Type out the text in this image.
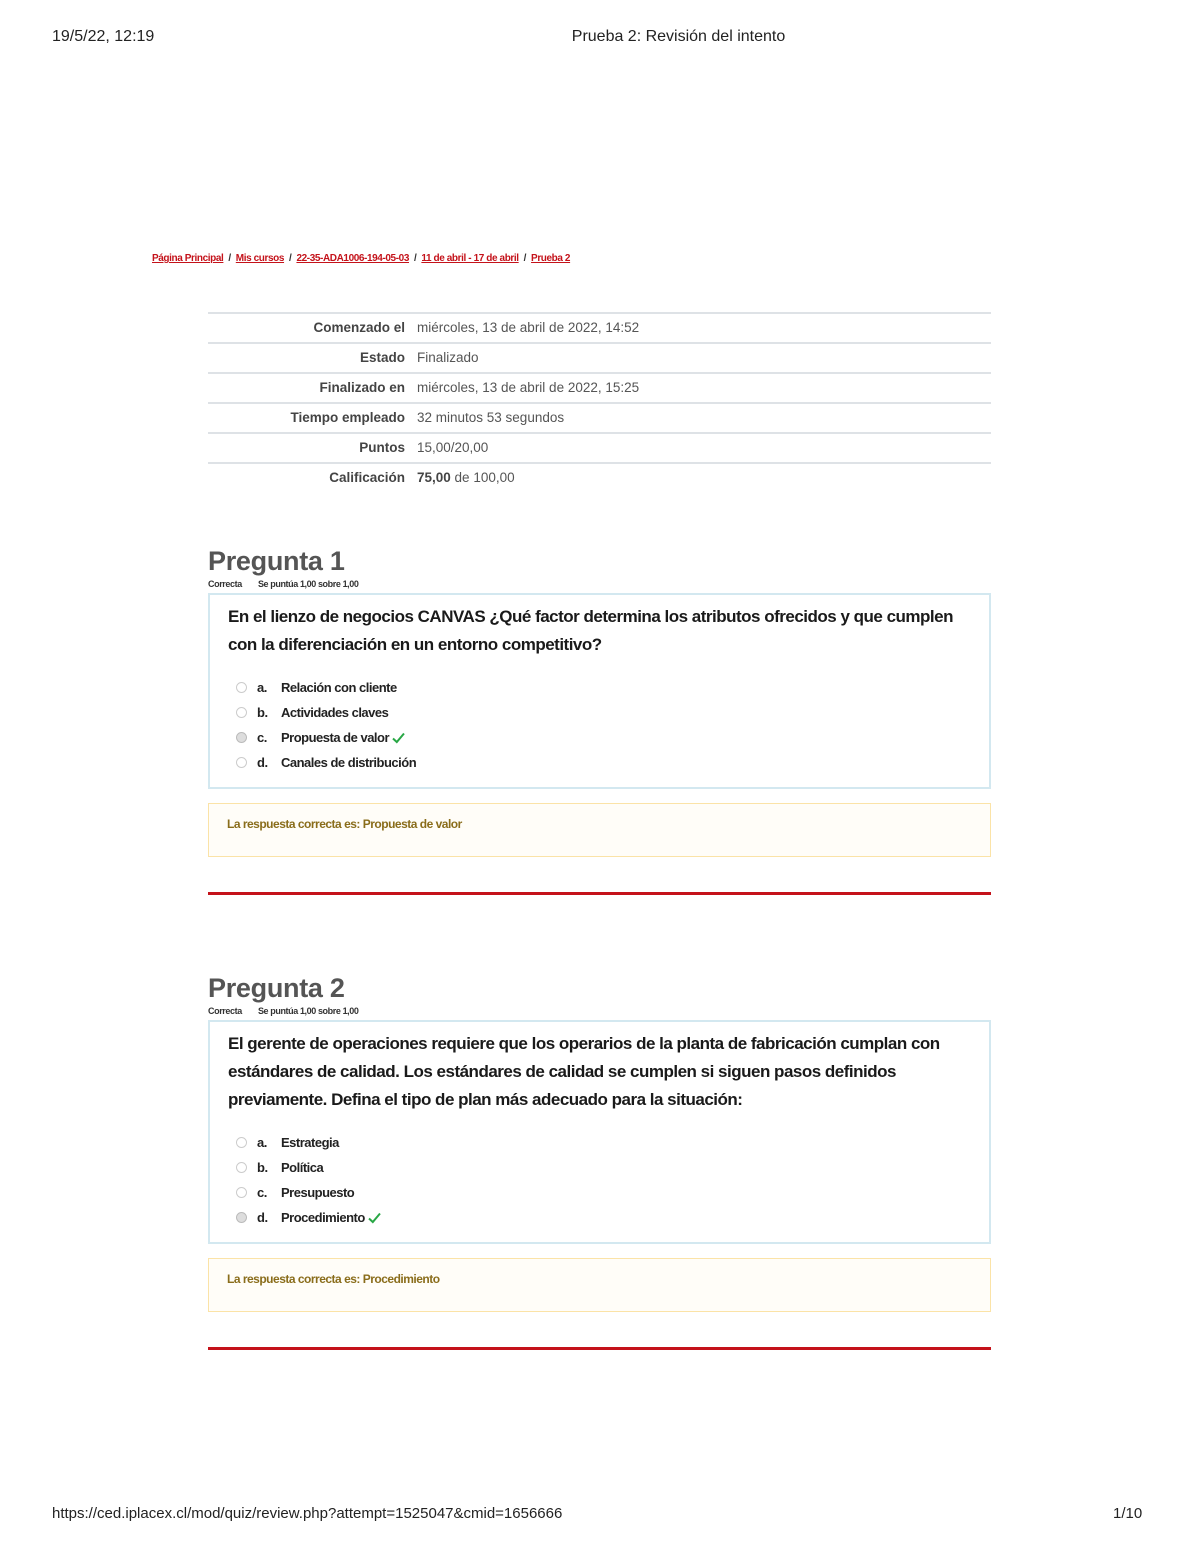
19/5/22, 12:19	Prueba 2: Revisión del intento
Página Principal / Mis cursos / 22-35-ADA1006-194-05-03 / 11 de abril - 17 de abril / Prueba 2
Comenzado el	miércoles, 13 de abril de 2022, 14:52
Estado	Finalizado
Finalizado en	miércoles, 13 de abril de 2022, 15:25
Tiempo empleado	32 minutos 53 segundos
Puntos	15,00/20,00
Calificación	75,00 de 100,00
Pregunta 1
Correcta Se puntúa 1,00 sobre 1,00
En el lienzo de negocios CANVAS ¿Qué factor determina los atributos ofrecidos y que cumplen con la diferenciación en un entorno competitivo?
a.	Relación con cliente
b.	Actividades claves
c.	Propuesta de valor
d.	Canales de distribución
La respuesta correcta es: Propuesta de valor
Pregunta 2
Correcta Se puntúa 1,00 sobre 1,00
El gerente de operaciones requiere que los operarios de la planta de fabricación cumplan con estándares de calidad. Los estándares de calidad se cumplen si siguen pasos definidos previamente. Defina el tipo de plan más adecuado para la situación:
a.	Estrategia
b.	Política
c.	Presupuesto
d.	Procedimiento
La respuesta correcta es: Procedimiento
https://ced.iplacex.cl/mod/quiz/review.php?attempt=1525047&cmid=1656666	1/10
